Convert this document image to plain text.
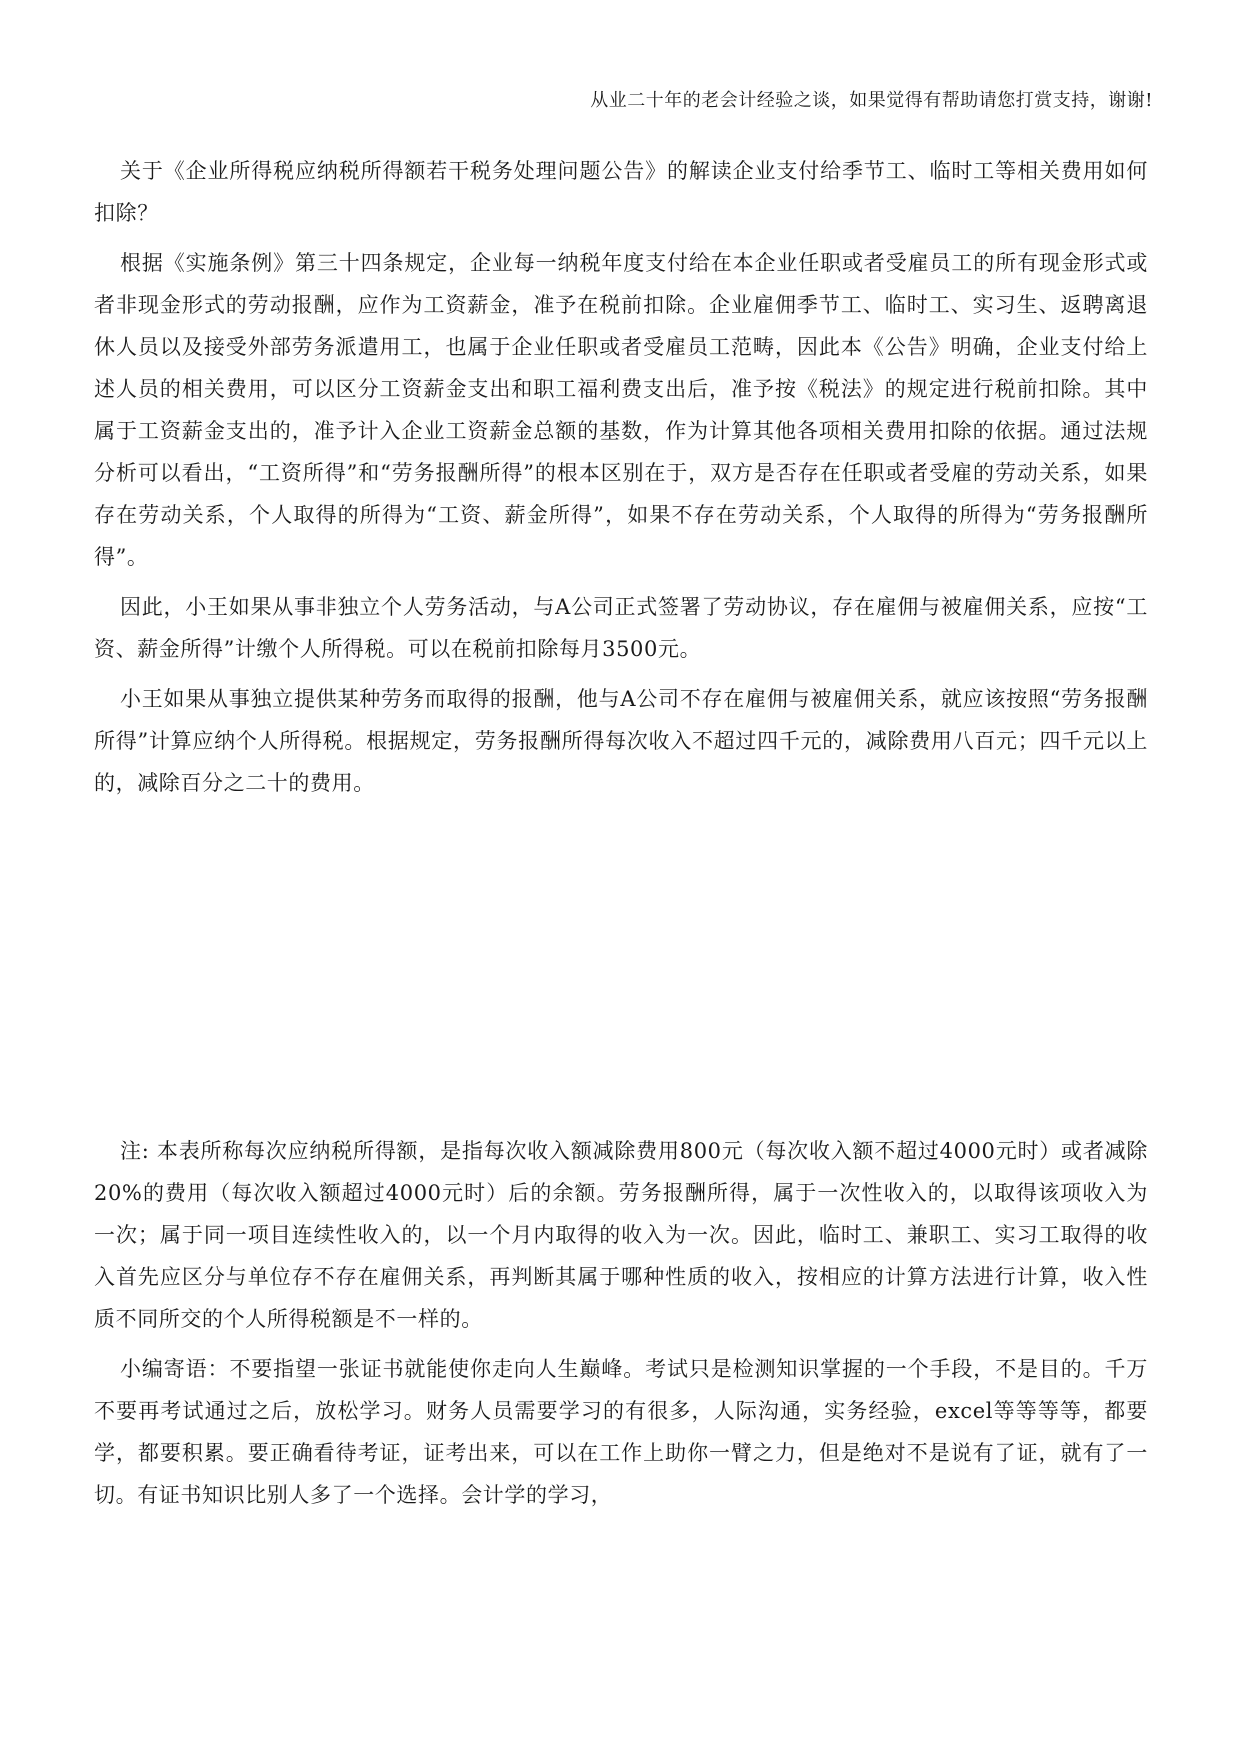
从业二十年的老会计经验之谈，如果觉得有帮助请您打赏支持，谢谢!

关于《企业所得税应纳税所得额若干税务处理问题公告》的解读企业支付给季节工、临时工等相关费用如何扣除？

根据《实施条例》第三十四条规定，企业每一纳税年度支付给在本企业任职或者受雇员工的所有现金形式或者非现金形式的劳动报酬，应作为工资薪金，准予在税前扣除。企业雇佣季节工、临时工、实习生、返聘离退休人员以及接受外部劳务派遣用工，也属于企业任职或者受雇员工范畴，因此本《公告》明确，企业支付给上述人员的相关费用，可以区分工资薪金支出和职工福利费支出后，准予按《税法》的规定进行税前扣除。其中属于工资薪金支出的，准予计入企业工资薪金总额的基数，作为计算其他各项相关费用扣除的依据。通过法规分析可以看出，“工资所得”和“劳务报酬所得”的根本区别在于，双方是否存在任职或者受雇的劳动关系，如果存在劳动关系，个人取得的所得为“工资、薪金所得”，如果不存在劳动关系，个人取得的所得为“劳务报酬所得”。

因此，小王如果从事非独立个人劳务活动，与A公司正式签署了劳动协议，存在雇佣与被雇佣关系，应按“工资、薪金所得”计缴个人所得税。可以在税前扣除每月3500元。

小王如果从事独立提供某种劳务而取得的报酬，他与A公司不存在雇佣与被雇佣关系，就应该按照“劳务报酬所得”计算应纳个人所得税。根据规定，劳务报酬所得每次收入不超过四千元的，减除费用八百元；四千元以上的，减除百分之二十的费用。

注: 本表所称每次应纳税所得额，是指每次收入额减除费用800元（每次收入额不超过4000元时）或者减除20%的费用（每次收入额超过4000元时）后的余额。劳务报酬所得，属于一次性收入的，以取得该项收入为一次；属于同一项目连续性收入的，以一个月内取得的收入为一次。因此，临时工、兼职工、实习工取得的收入首先应区分与单位存不存在雇佣关系，再判断其属于哪种性质的收入，按相应的计算方法进行计算，收入性质不同所交的个人所得税额是不一样的。

小编寄语：不要指望一张证书就能使你走向人生巅峰。考试只是检测知识掌握的一个手段，不是目的。千万不要再考试通过之后，放松学习。财务人员需要学习的有很多，人际沟通，实务经验，excel等等等等，都要学，都要积累。要正确看待考证，证考出来，可以在工作上助你一臂之力，但是绝对不是说有了证，就有了一切。有证书知识比别人多了一个选择。会计学的学习，
